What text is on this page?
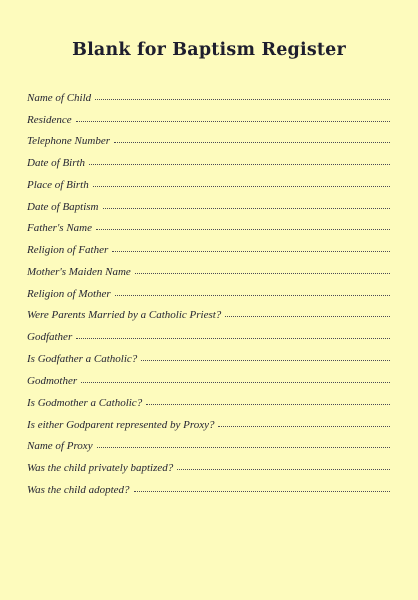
Blank for Baptism Register
Name of Child
Residence
Telephone Number
Date of Birth
Place of Birth
Date of Baptism
Father's Name
Religion of Father
Mother's Maiden Name
Religion of Mother
Were Parents Married by a Catholic Priest?
Godfather
Is Godfather a Catholic?
Godmother
Is Godmother a Catholic?
Is either Godparent represented by Proxy?
Name of Proxy
Was the child privately baptized?
Was the child adopted?
